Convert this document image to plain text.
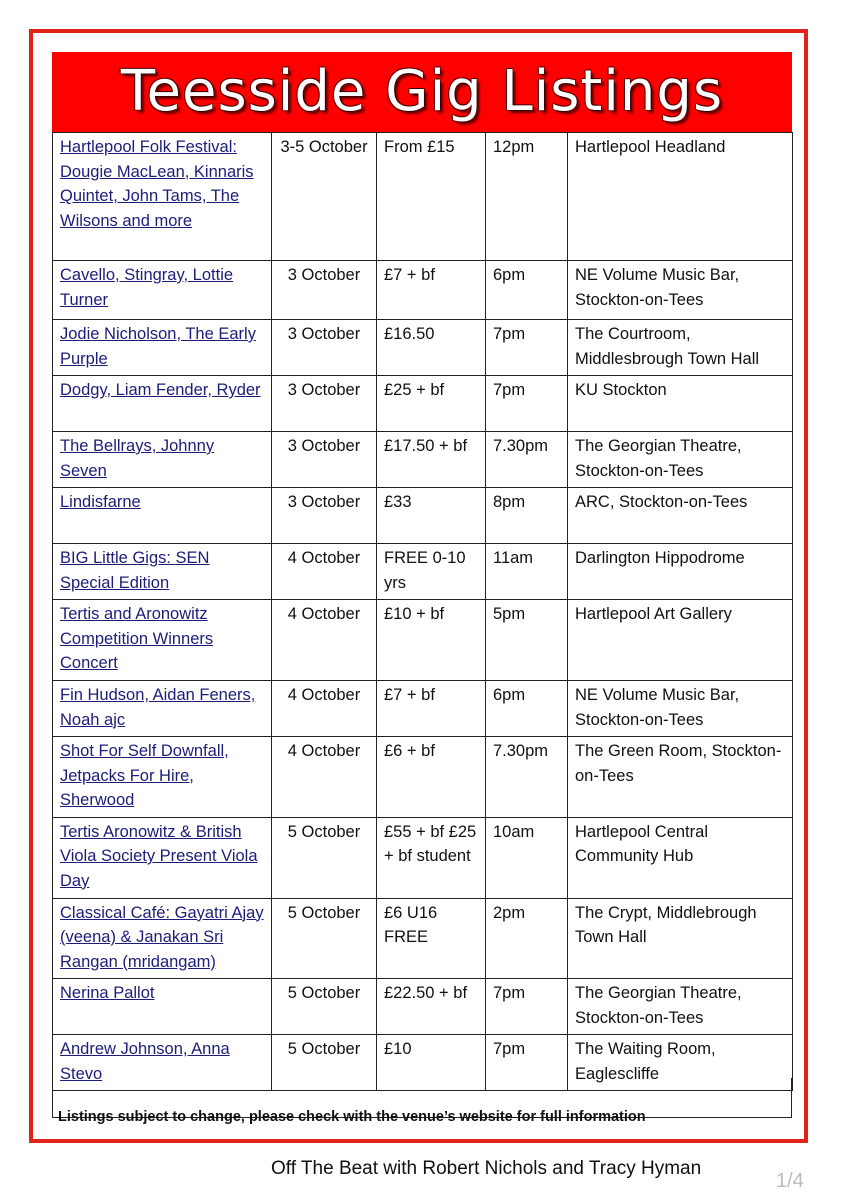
Teesside Gig Listings
Hartlepool Folk Festival: Dougie MacLean, Kinnaris Quintet, John Tams, The Wilsons and more	3-5 October	From £15	12pm	Hartlepool Headland
Cavello, Stingray, Lottie Turner	3 October	£7 + bf	6pm	NE Volume Music Bar, Stockton-on-Tees
Jodie Nicholson, The Early Purple	3 October	£16.50	7pm	The Courtroom, Middlesbrough Town Hall
Dodgy, Liam Fender, Ryder	3 October	£25 + bf	7pm	KU Stockton
The Bellrays, Johnny Seven	3 October	£17.50 + bf	7.30pm	The Georgian Theatre, Stockton-on-Tees
Lindisfarne	3 October	£33	8pm	ARC, Stockton-on-Tees
BIG Little Gigs: SEN Special Edition	4 October	FREE 0-10 yrs	11am	Darlington Hippodrome
Tertis and Aronowitz Competition Winners Concert	4 October	£10 + bf	5pm	Hartlepool Art Gallery
Fin Hudson, Aidan Feners, Noah ajc	4 October	£7 + bf	6pm	NE Volume Music Bar, Stockton-on-Tees
Shot For Self Downfall, Jetpacks For Hire, Sherwood	4 October	£6 + bf	7.30pm	The Green Room, Stockton-on-Tees
Tertis Aronowitz & British Viola Society Present Viola Day	5 October	£55 + bf £25 + bf student	10am	Hartlepool Central Community Hub
Classical Café: Gayatri Ajay (veena) & Janakan Sri Rangan (mridangam)	5 October	£6 U16 FREE	2pm	The Crypt, Middlebrough Town Hall
Nerina Pallot	5 October	£22.50 + bf	7pm	The Georgian Theatre, Stockton-on-Tees
Andrew Johnson, Anna Stevo	5 October	£10	7pm	The Waiting Room, Eaglescliffe
Listings subject to change, please check with the venue’s website for full information
Off The Beat with Robert Nichols and Tracy Hyman
1/4
